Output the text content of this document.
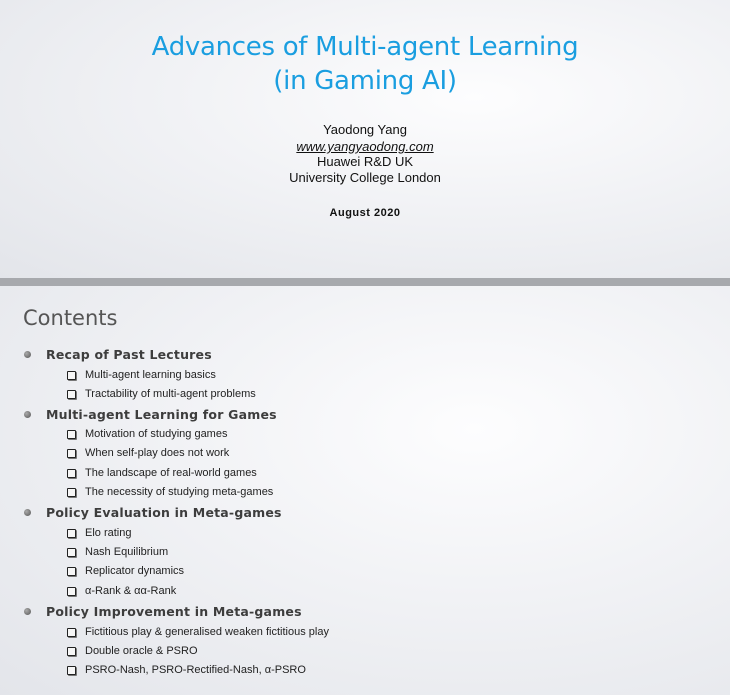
Advances of Multi-agent Learning
(in Gaming AI)
Yaodong Yang
www.yangyaodong.com
Huawei R&D UK
University College London
August 2020
Contents
Recap of Past Lectures
Multi-agent learning basics
Tractability of multi-agent problems
Multi-agent Learning for Games
Motivation of studying games
When self-play does not work
The landscape of real-world games
The necessity of studying meta-games
Policy Evaluation in Meta-games
Elo rating
Nash Equilibrium
Replicator dynamics
α-Rank & αα-Rank
Policy Improvement in Meta-games
Fictitious play & generalised weaken fictitious play
Double oracle & PSRO
PSRO-Nash, PSRO-Rectified-Nash, α-PSRO
